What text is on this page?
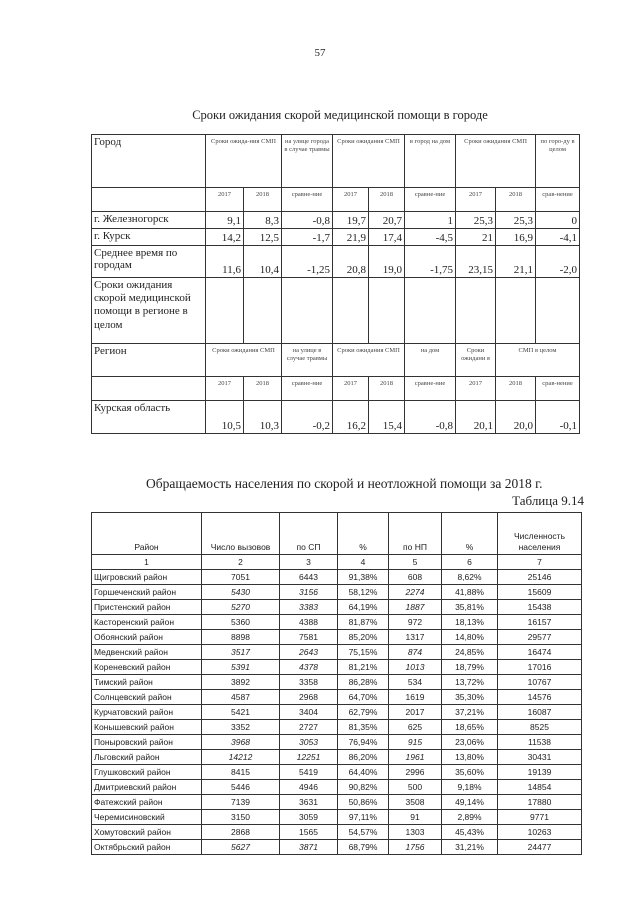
57
Сроки ожидания скорой медицинской помощи в городе
Город	Сроки ожида-ния СМП		на улице города в случае травмы	Сроки ожидания СМП		в город на дом	Сроки ожидания СМП		по горо-ду в целом
	2017	2018	сравне-ние	2017	2018	сравне-ние	2017	2018	срав-нение
г. Железногорск	9,1	8,3	-0,8	19,7	20,7	1	25,3	25,3	0
г. Курск	14,2	12,5	-1,7	21,9	17,4	-4,5	21	16,9	-4,1
Среднее время по городам	11,6	10,4	-1,25	20,8	19,0	-1,75	23,15	21,1	-2,0
Сроки ожидания скорой медицинской помощи в регионе в целом									
Регион	Сроки ожидания СМП		на улице в случае травмы	Сроки ожидания СМП		на дом	Сроки ожидани я	СМП в целом	
	2017	2018	сравне-ние	2017	2018	сравне-ние	2017	2018	срав-нение
Курская область	10,5	10,3	-0,2	16,2	15,4	-0,8	20,1	20,0	-0,1
Обращаемость населения по скорой и неотложной помощи за 2018 г.
Таблица 9.14
Район	Число вызовов	по СП	%	по НП	%	Численность населения
1	2	3	4	5	6	7
Щигровский район	7051	6443	91,38%	608	8,62%	25146
Горшеченский район	5430	3156	58,12%	2274	41,88%	15609
Пристенский район	5270	3383	64,19%	1887	35,81%	15438
Касторенский район	5360	4388	81,87%	972	18,13%	16157
Обоянский район	8898	7581	85,20%	1317	14,80%	29577
Медвенский район	3517	2643	75,15%	874	24,85%	16474
Кореневский район	5391	4378	81,21%	1013	18,79%	17016
Тимский район	3892	3358	86,28%	534	13,72%	10767
Солнцевский район	4587	2968	64,70%	1619	35,30%	14576
Курчатовский район	5421	3404	62,79%	2017	37,21%	16087
Конышевский район	3352	2727	81,35%	625	18,65%	8525
Поныровский район	3968	3053	76,94%	915	23,06%	11538
Льговский район	14212	12251	86,20%	1961	13,80%	30431
Глушковский район	8415	5419	64,40%	2996	35,60%	19139
Дмитриевский район	5446	4946	90,82%	500	9,18%	14854
Фатежский район	7139	3631	50,86%	3508	49,14%	17880
Черемисиновский	3150	3059	97,11%	91	2,89%	9771
Хомутовский район	2868	1565	54,57%	1303	45,43%	10263
Октябрьский район	5627	3871	68,79%	1756	31,21%	24477
